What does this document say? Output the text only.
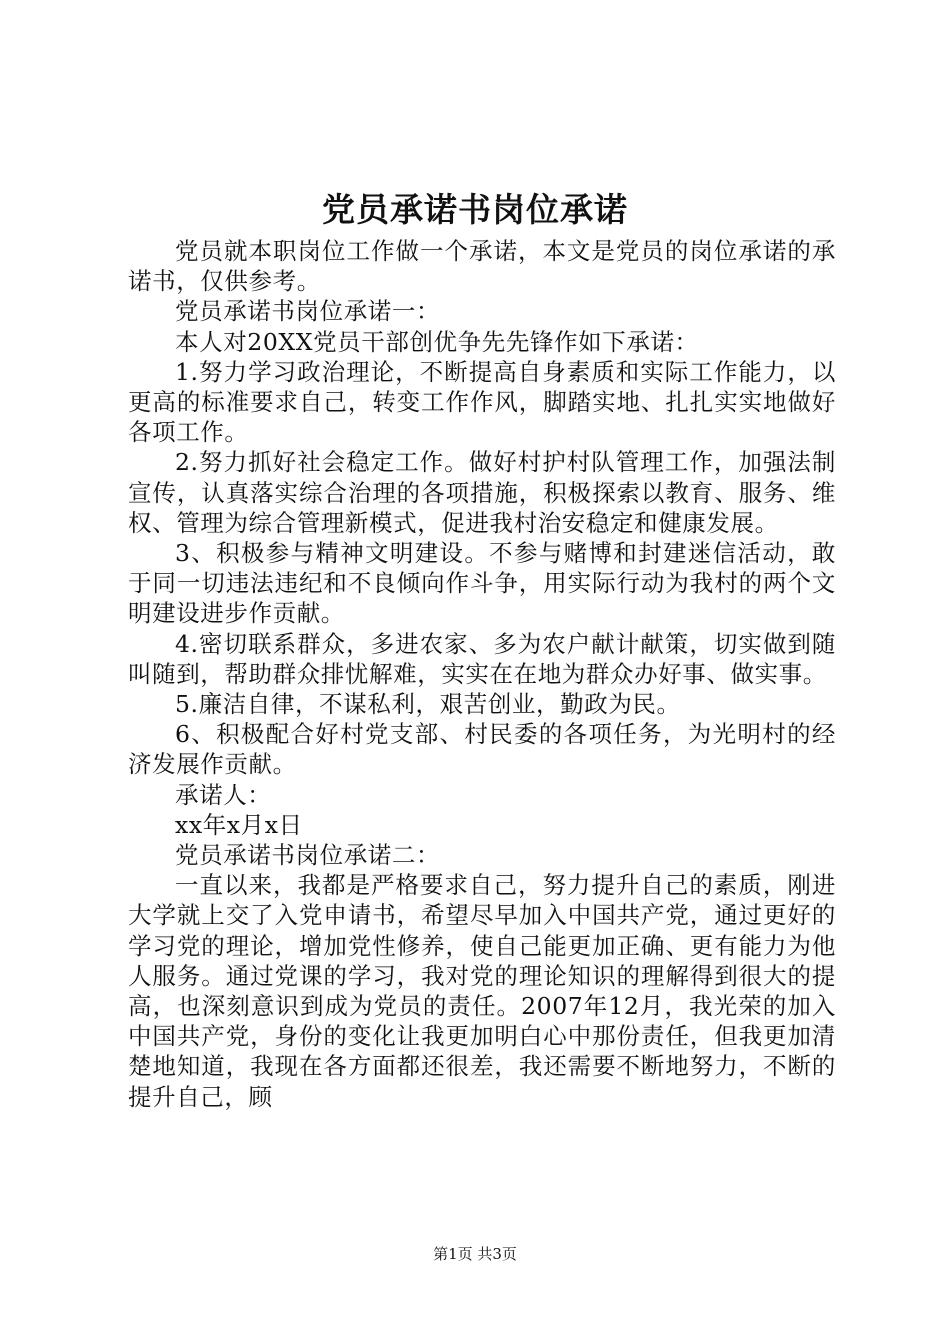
党员承诺书岗位承诺

党员就本职岗位工作做一个承诺，本文是党员的岗位承诺的承诺书，仅供参考。

党员承诺书岗位承诺一：

本人对20XX党员干部创优争先先锋作如下承诺：

1.努力学习政治理论，不断提高自身素质和实际工作能力，以更高的标准要求自己，转变工作作风，脚踏实地、扎扎实实地做好各项工作。

2.努力抓好社会稳定工作。做好村护村队管理工作，加强法制宣传，认真落实综合治理的各项措施，积极探索以教育、服务、维权、管理为综合管理新模式，促进我村治安稳定和健康发展。

3、积极参与精神文明建设。不参与赌博和封建迷信活动，敢于同一切违法违纪和不良倾向作斗争，用实际行动为我村的两个文明建设进步作贡献。

4.密切联系群众，多进农家、多为农户献计献策，切实做到随叫随到，帮助群众排忧解难，实实在在地为群众办好事、做实事。

5.廉洁自律，不谋私利，艰苦创业，勤政为民。

6、积极配合好村党支部、村民委的各项任务，为光明村的经济发展作贡献。

承诺人：

xx年x月x日

党员承诺书岗位承诺二：

一直以来，我都是严格要求自己，努力提升自己的素质，刚进大学就上交了入党申请书，希望尽早加入中国共产党，通过更好的学习党的理论，增加党性修养，使自己能更加正确、更有能力为他人服务。通过党课的学习，我对党的理论知识的理解得到很大的提高，也深刻意识到成为党员的责任。2007年12月，我光荣的加入中国共产党，身份的变化让我更加明白心中那份责任，但我更加清楚地知道，我现在各方面都还很差，我还需要不断地努力，不断的提升自己，顾

第1页 共3页
